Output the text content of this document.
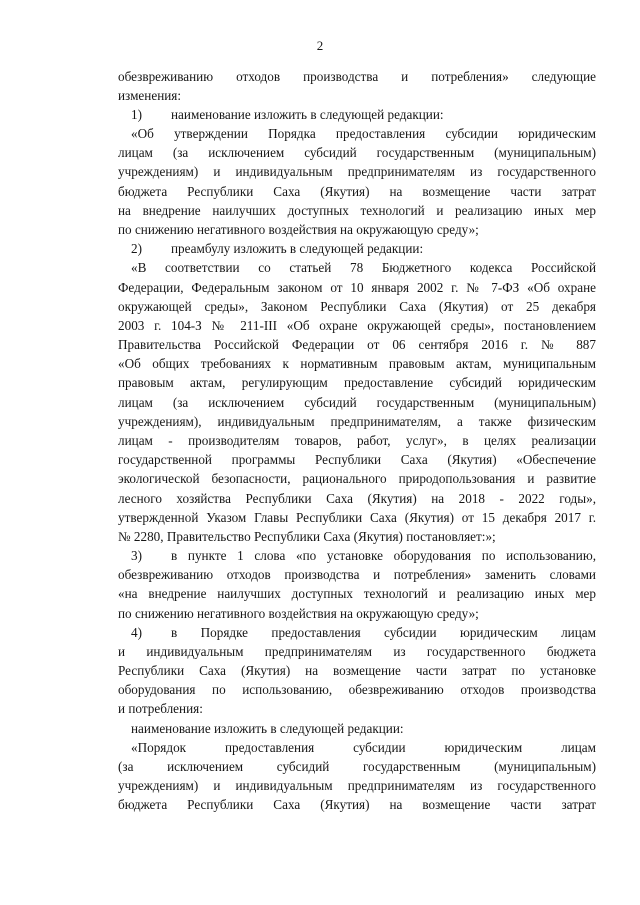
2
обезвреживанию отходов производства и потребления» следующие
изменения:
1) наименование изложить в следующей редакции:
«Об утверждении Порядка предоставления субсидии юридическим
лицам (за исключением субсидий государственным (муниципальным)
учреждениям) и индивидуальным предпринимателям из государственного
бюджета Республики Саха (Якутия) на возмещение части затрат
на внедрение наилучших доступных технологий и реализацию иных мер
по снижению негативного воздействия на окружающую среду»;
2) преамбулу изложить в следующей редакции:
«В соответствии со статьей 78 Бюджетного кодекса Российской
Федерации, Федеральным законом от 10 января 2002 г. № 7-ФЗ «Об охране
окружающей среды», Законом Республики Саха (Якутия) от 25 декабря
2003 г. 104-З № 211-III «Об охране окружающей среды», постановлением
Правительства Российской Федерации от 06 сентября 2016 г. № 887
«Об общих требованиях к нормативным правовым актам, муниципальным
правовым актам, регулирующим предоставление субсидий юридическим
лицам (за исключением субсидий государственным (муниципальным)
учреждениям), индивидуальным предпринимателям, а также физическим
лицам - производителям товаров, работ, услуг», в целях реализации
государственной программы Республики Саха (Якутия) «Обеспечение
экологической безопасности, рационального природопользования и развитие
лесного хозяйства Республики Саха (Якутия) на 2018 - 2022 годы»,
утвержденной Указом Главы Республики Саха (Якутия) от 15 декабря 2017 г.
№ 2280, Правительство Республики Саха (Якутия) постановляет:»;
3) в пункте 1 слова «по установке оборудования по использованию,
обезвреживанию отходов производства и потребления» заменить словами
«на внедрение наилучших доступных технологий и реализацию иных мер
по снижению негативного воздействия на окружающую среду»;
4) в Порядке предоставления субсидии юридическим лицам
и индивидуальным предпринимателям из государственного бюджета
Республики Саха (Якутия) на возмещение части затрат по установке
оборудования по использованию, обезвреживанию отходов производства
и потребления:
наименование изложить в следующей редакции:
«Порядок предоставления субсидии юридическим лицам
(за исключением субсидий государственным (муниципальным)
учреждениям) и индивидуальным предпринимателям из государственного
бюджета Республики Саха (Якутия) на возмещение части затрат
